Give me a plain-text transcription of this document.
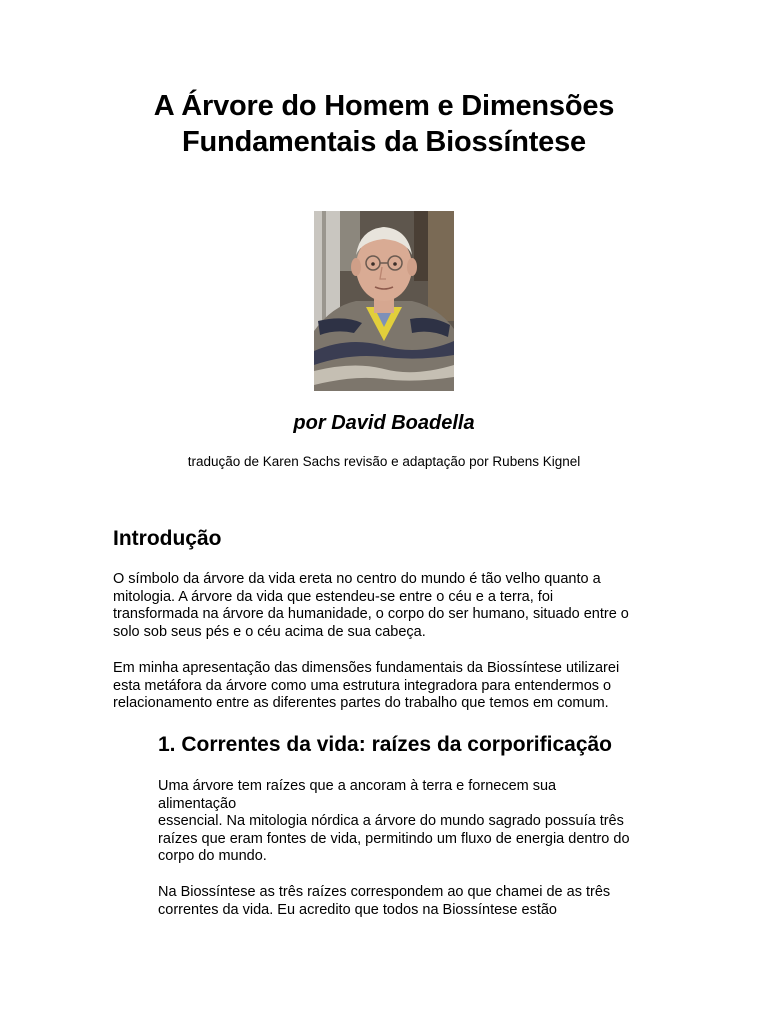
A Árvore do Homem e Dimensões
Fundamentais da Biossíntese
por David Boadella
tradução de Karen Sachs revisão e adaptação por Rubens Kignel
Introdução
O símbolo da árvore da vida ereta no centro do mundo é tão velho quanto a
mitologia. A árvore da vida que estendeu-se entre o céu e a terra, foi
transformada na árvore da humanidade, o corpo do ser humano, situado entre o
solo sob seus pés e o céu acima de sua cabeça.
Em minha apresentação das dimensões fundamentais da Biossíntese utilizarei
esta metáfora da árvore como uma estrutura integradora para entendermos o
relacionamento entre as diferentes partes do trabalho que temos em comum.
1. Correntes da vida: raízes da corporificação
Uma árvore tem raízes que a ancoram à terra e fornecem sua
alimentação
essencial. Na mitologia nórdica a árvore do mundo sagrado possuía três
raízes que eram fontes de vida, permitindo um fluxo de energia dentro do
corpo do mundo.
Na Biossíntese as três raízes correspondem ao que chamei de as três
correntes da vida. Eu acredito que todos na Biossíntese estão
